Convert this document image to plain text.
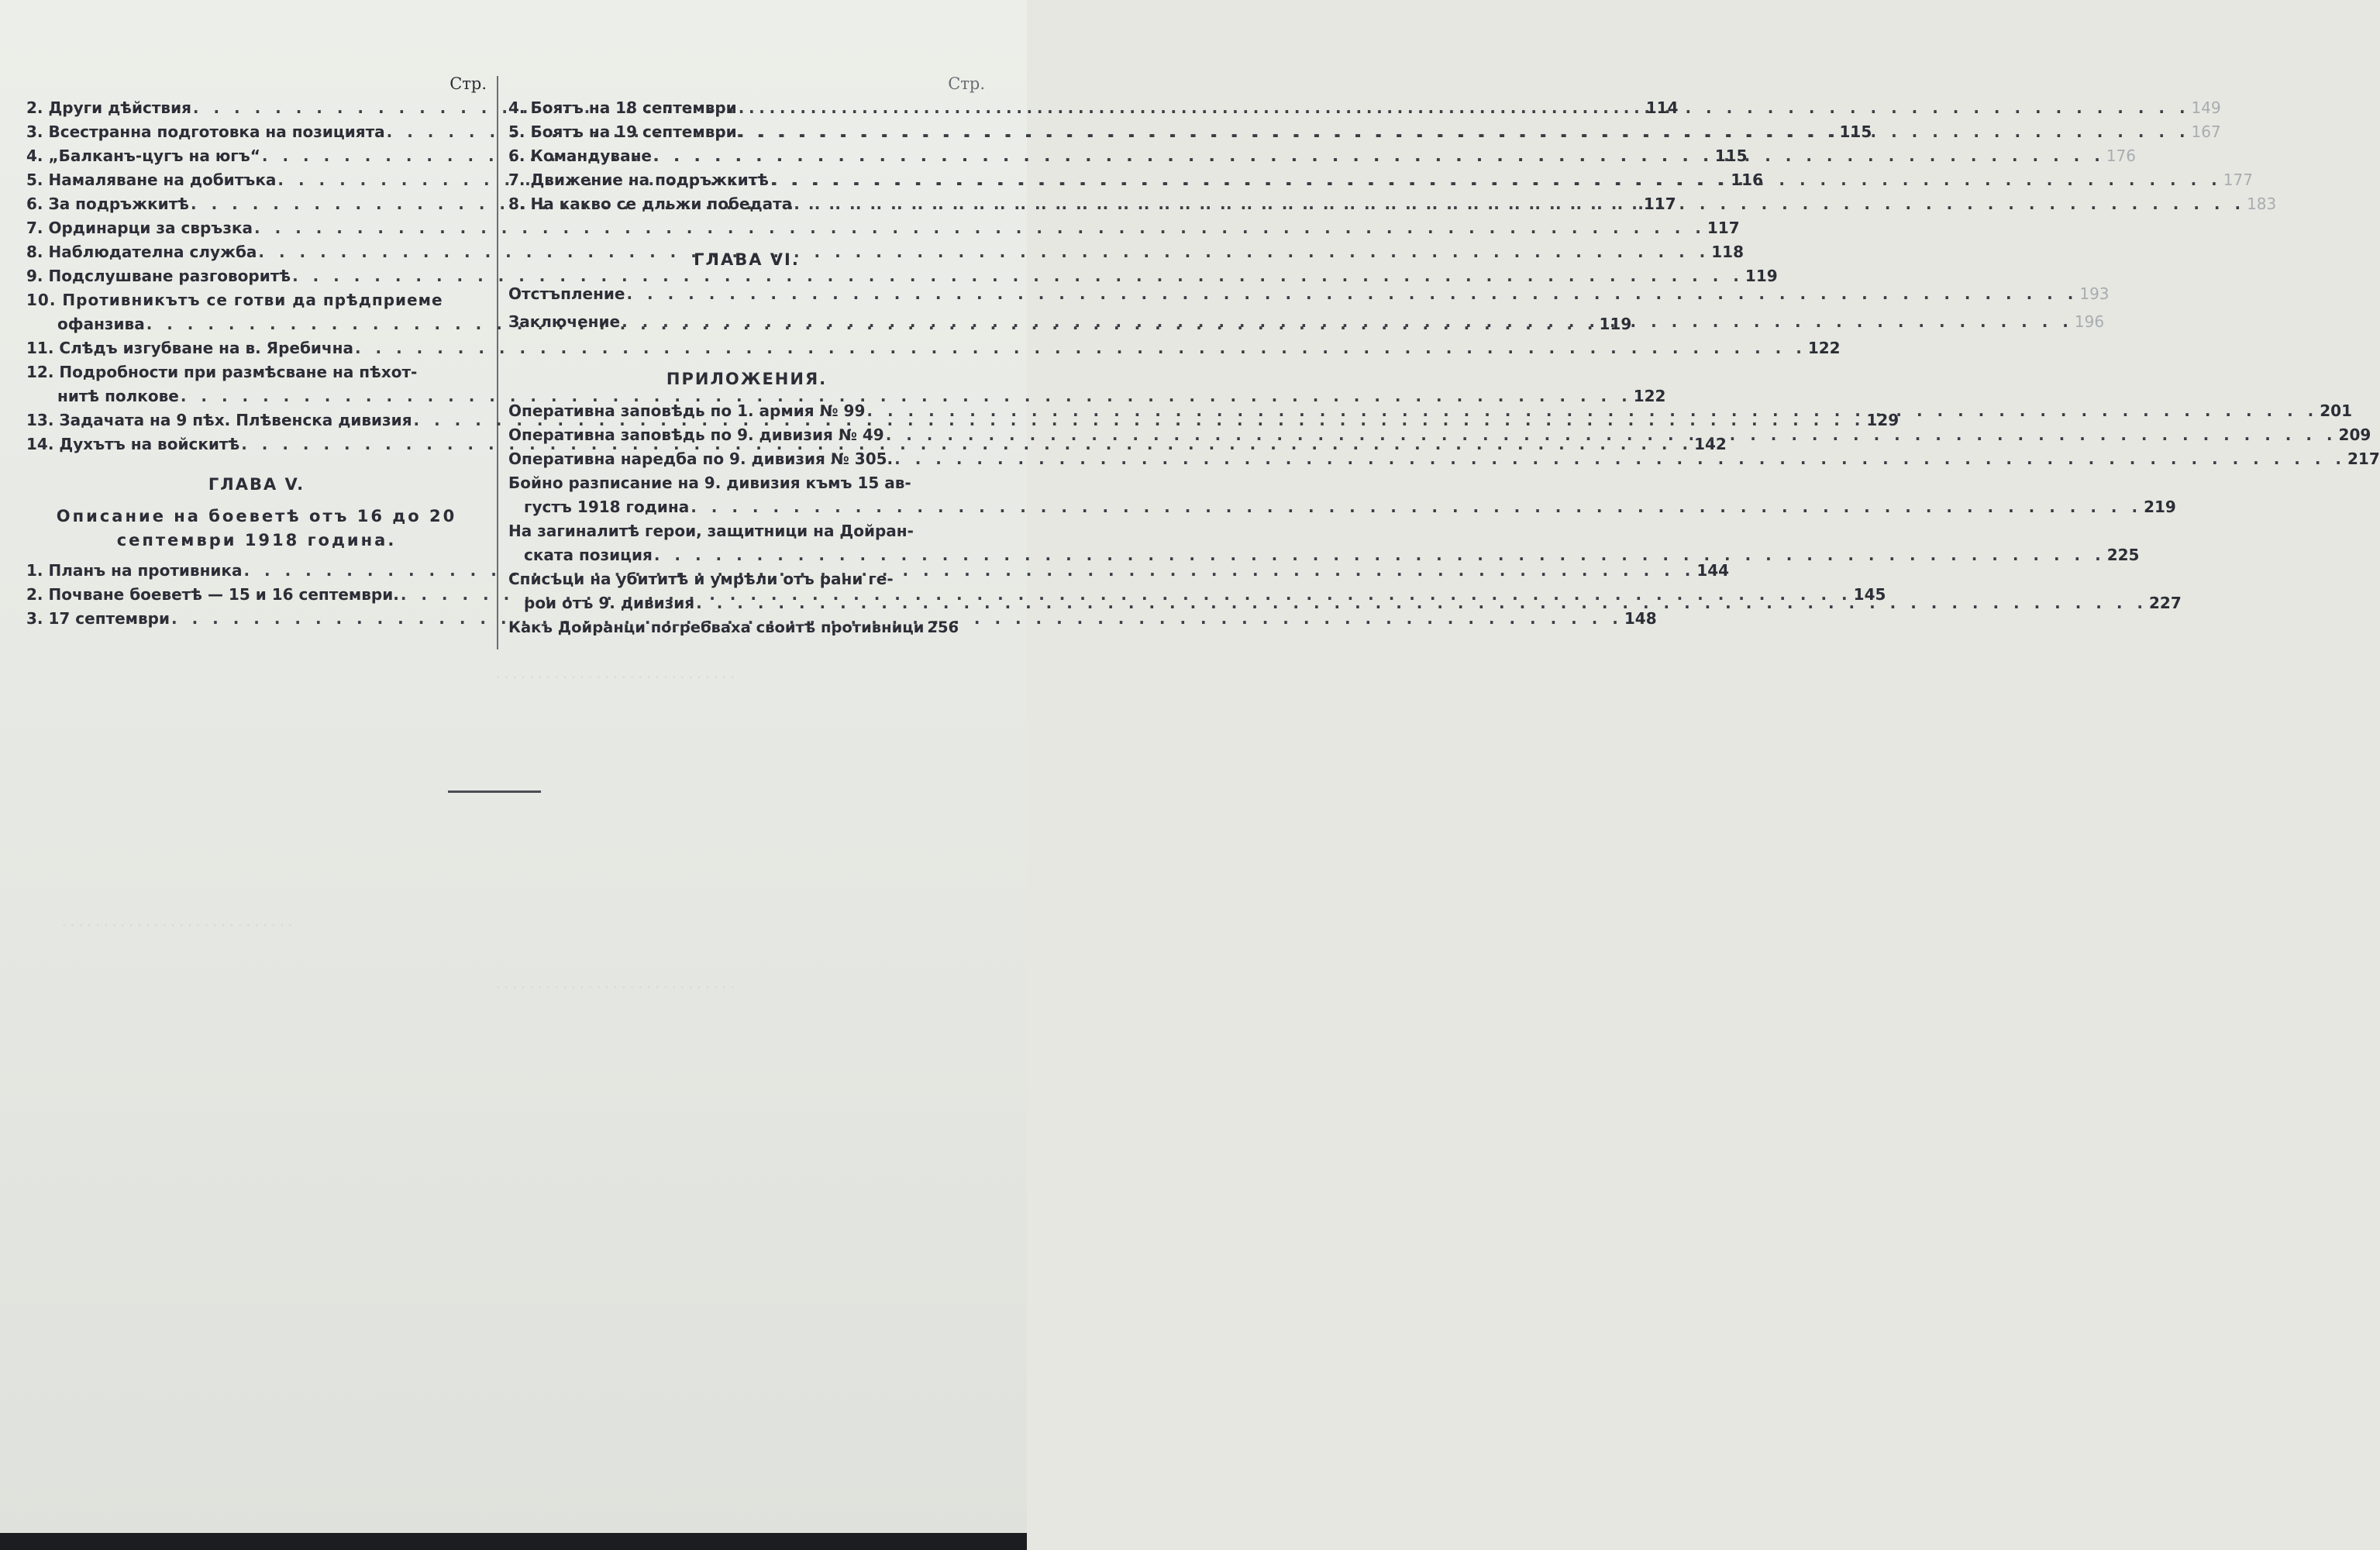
· · · · · · · · · · · · · · · · · · · · · · · · · · · · ·
· · · · · · · · · · · · · · · · · · · · · · · · · · · · ·
· · · · · · · · · · · · · · · · · · · · · · · · · · · ·
Стр.
2. Други дѣйствия . . .	114
3. Всестранна подготовка на позицията . . .	115
4. „Балканъ-цугъ на югъ“ . . .	115
5. Намаляване на добитъка . . .	116
6. За подръжкитѣ . . .	117
7. Ординарци за свръзка . . .	117
8. Наблюдателна служба . . .	118
9. Подслушване разговоритѣ . . .	119
10. Противникътъ се готви да прѣдприеме
офанзива . . .	119
11. Слѣдъ изгубване на в. Яребична . . .	122
12. Подробности при размѣсване на пѣхот-
нитѣ полкове . . .	122
13. Задачата на 9 пѣх. Плѣвенска дивизия . . .	129
14. Духътъ на войскитѣ . . .	142
ГЛАВА V.
Описание на боеветѣ отъ 16 до 20
септември 1918 година.
1. Планъ на противника . . .	144
2. Почване боеветѣ — 15 и 16 септември. . . .	145
3. 17 септември . . .	148
Стр.
4. Боятъ на 18 септември . . .	149
5. Боятъ на 19 септември . . .	167
6. Командуване . . .	176
7. Движение на подръжкитѣ . . .	177
8. На какво се дльжи победата . . .	183
ГЛАВА VI.
Отстъпление . . .	193
Заключение . . .	196
ПРИЛОЖЕНИЯ.
Оперативна заповѣдь по 1. армия № 99 . . .	201
Оперативна заповѣдь по 9. дивизия № 49 . . .	209
Оперативна наредба по 9. дивизия № 305. . . .	217
Бойно разписание на 9. дивизия къмъ 15 ав-
густъ 1918 година . . .	219
На загиналитѣ герои, защитници на Дойран-
ската позиция . . .	225
Списъци на убититѣ и умрѣли отъ рани ге-
рои отъ 9. дивизия . . .	227
Какъ Дойранци погребваха своитѣ противници 256
